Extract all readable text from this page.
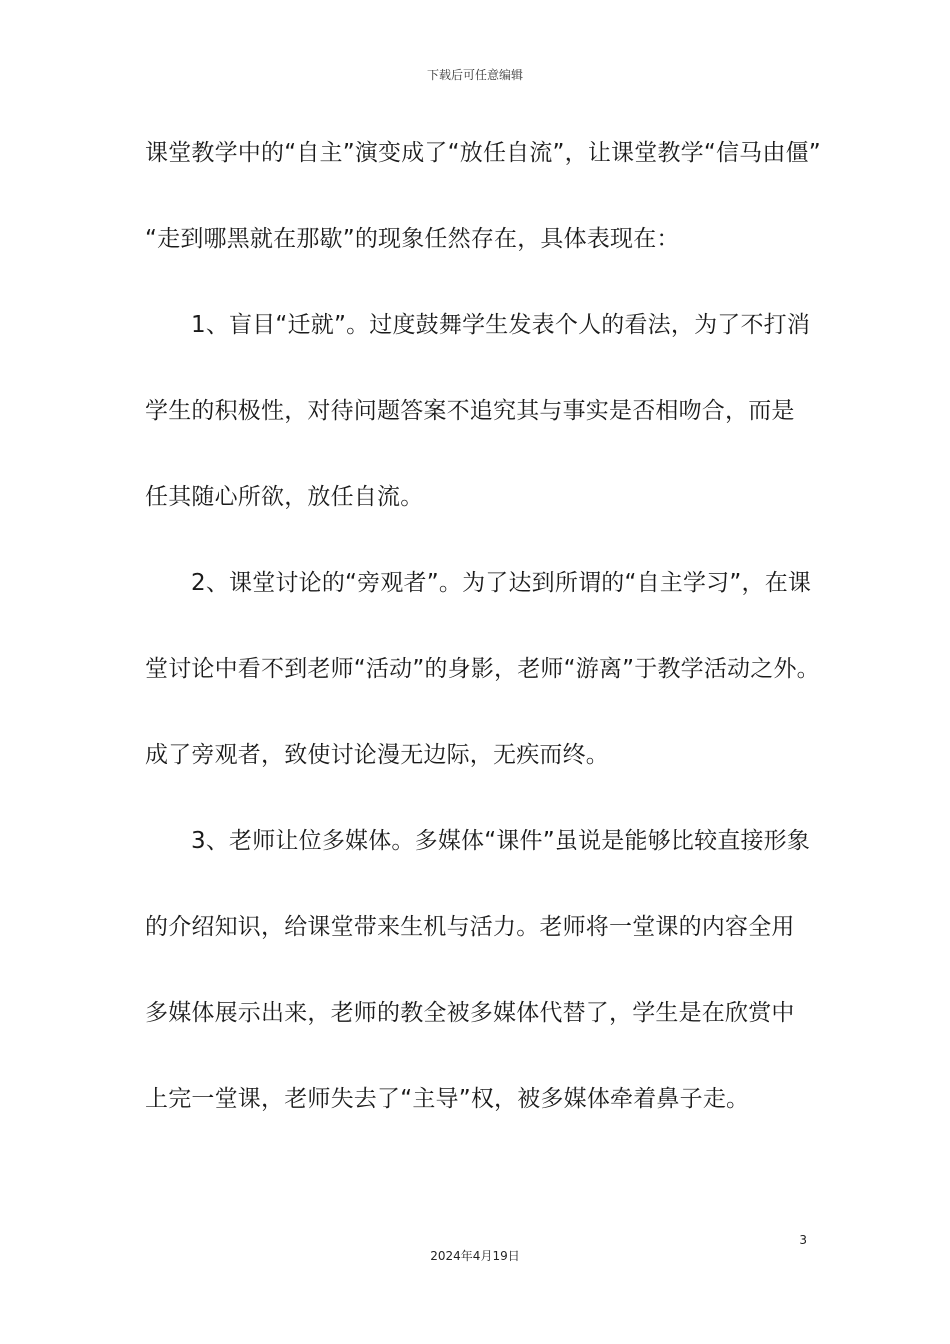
下载后可任意编辑
课堂教学中的“自主”演变成了“放任自流”，让课堂教学“信马由僵”
“走到哪黑就在那歇”的现象任然存在，具体表现在：
1、盲目“迁就”。过度鼓舞学生发表个人的看法，为了不打消
学生的积极性，对待问题答案不追究其与事实是否相吻合，而是
任其随心所欲，放任自流。
2、课堂讨论的“旁观者”。为了达到所谓的“自主学习”，在课
堂讨论中看不到老师“活动”的身影，老师“游离”于教学活动之外。
成了旁观者，致使讨论漫无边际，无疾而终。
3、老师让位多媒体。多媒体“课件”虽说是能够比较直接形象
的介绍知识，给课堂带来生机与活力。老师将一堂课的内容全用
多媒体展示出来，老师的教全被多媒体代替了，学生是在欣赏中
上完一堂课，老师失去了“主导”权，被多媒体牵着鼻子走。
3
2024年4月19日
